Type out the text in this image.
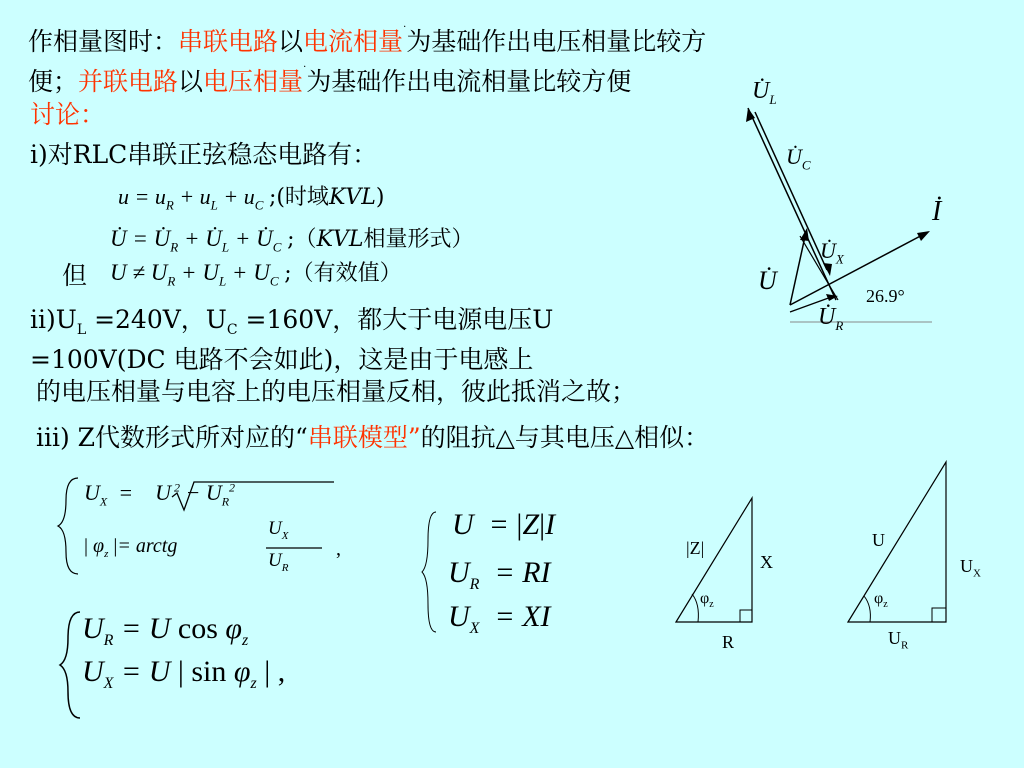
作相量图时：串联电路以电流相量·为基础作出电压相量比较方
便；并联电路以电压相量·为基础作出电流相量比较方便
讨论：
i)对RLC串联正弦稳态电路有：
$u = u_R + u_L + u_C$ ;(时域KVL)
U̇ = $U̇_R$ + $U̇_L$ + $U̇_C$ ;（KVL相量形式）
但 $U \ne U_R + U_L + U_C$ ;（有效值）
$ii)U_L =240V$，$U_C =160V$，都大于电源电压U
=100V(DC 电路不会如此)，这是由于电感上
的电压相量与电容上的电压相量反相，彼此抵消之故；
iii) Z代数形式所对应的“串联模型”的阻抗△与其电压△相似：
$U_X$  =    U $^2 - U_R^2$
| $\varphi_z$ |= arctg
$U_X$
$U_R$
,
$U_R = U$ $\cos \varphi_z$
$U_X = U$ | $\sin \varphi_z$ | ,
U  = |Z|I
$U_R$  = RI
$U_X$  = XI
$U̇_L$
$U̇_C$
İ
$U̇_X$
U̇
$U̇_R$
26.9°
|Z|
X
R
$\varphi_z$
U
$U_X$
$U_R$
$\varphi_z$
